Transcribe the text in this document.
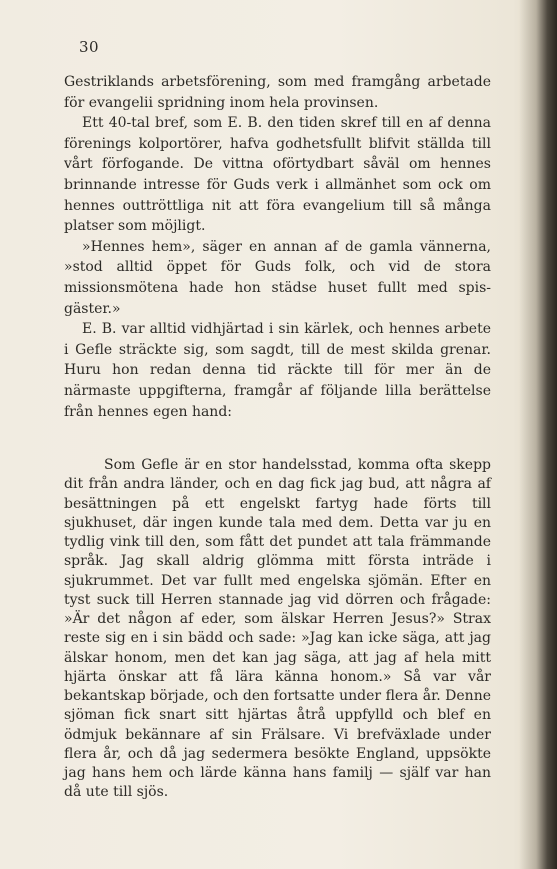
30

Gestriklands arbetsförening, som med framgång arbetade för evangelii spridning inom hela provinsen.

Ett 40-tal bref, som E. B. den tiden skref till en af denna förenings kolportörer, hafva godhetsfullt blifvit ställda till vårt förfogande. De vittna oförtydbart såväl om hennes brinnande intresse för Guds verk i allmänhet som ock om hennes outtröttliga nit att föra evangelium till så många platser som möjligt.

»Hennes hem», säger en annan af de gamla vännerna, »stod alltid öppet för Guds folk, och vid de stora missionsmötena hade hon städse huset fullt med spisgäster.»

E. B. var alltid vidhjärtad i sin kärlek, och hennes arbete i Gefle sträckte sig, som sagdt, till de mest skilda grenar. Huru hon redan denna tid räckte till för mer än de närmaste uppgifterna, framgår af följande lilla berättelse från hennes egen hand:

Som Gefle är en stor handelsstad, komma ofta skepp dit från andra länder, och en dag fick jag bud, att några af besättningen på ett engelskt fartyg hade förts till sjukhuset, där ingen kunde tala med dem. Detta var ju en tydlig vink till den, som fått det pundet att tala främmande språk. Jag skall aldrig glömma mitt första inträde i sjukrummet. Det var fullt med engelska sjömän. Efter en tyst suck till Herren stannade jag vid dörren och frågade: »Är det någon af eder, som älskar Herren Jesus?» Strax reste sig en i sin bädd och sade: »Jag kan icke säga, att jag älskar honom, men det kan jag säga, att jag af hela mitt hjärta önskar att få lära känna honom.» Så var vår bekantskap började, och den fortsatte under flera år. Denne sjöman fick snart sitt hjärtas åtrå uppfylld och blef en ödmjuk bekännare af sin Frälsare. Vi brefväxlade under flera år, och då jag sedermera besökte England, uppsökte jag hans hem och lärde känna hans familj — själf var han då ute till sjös.
